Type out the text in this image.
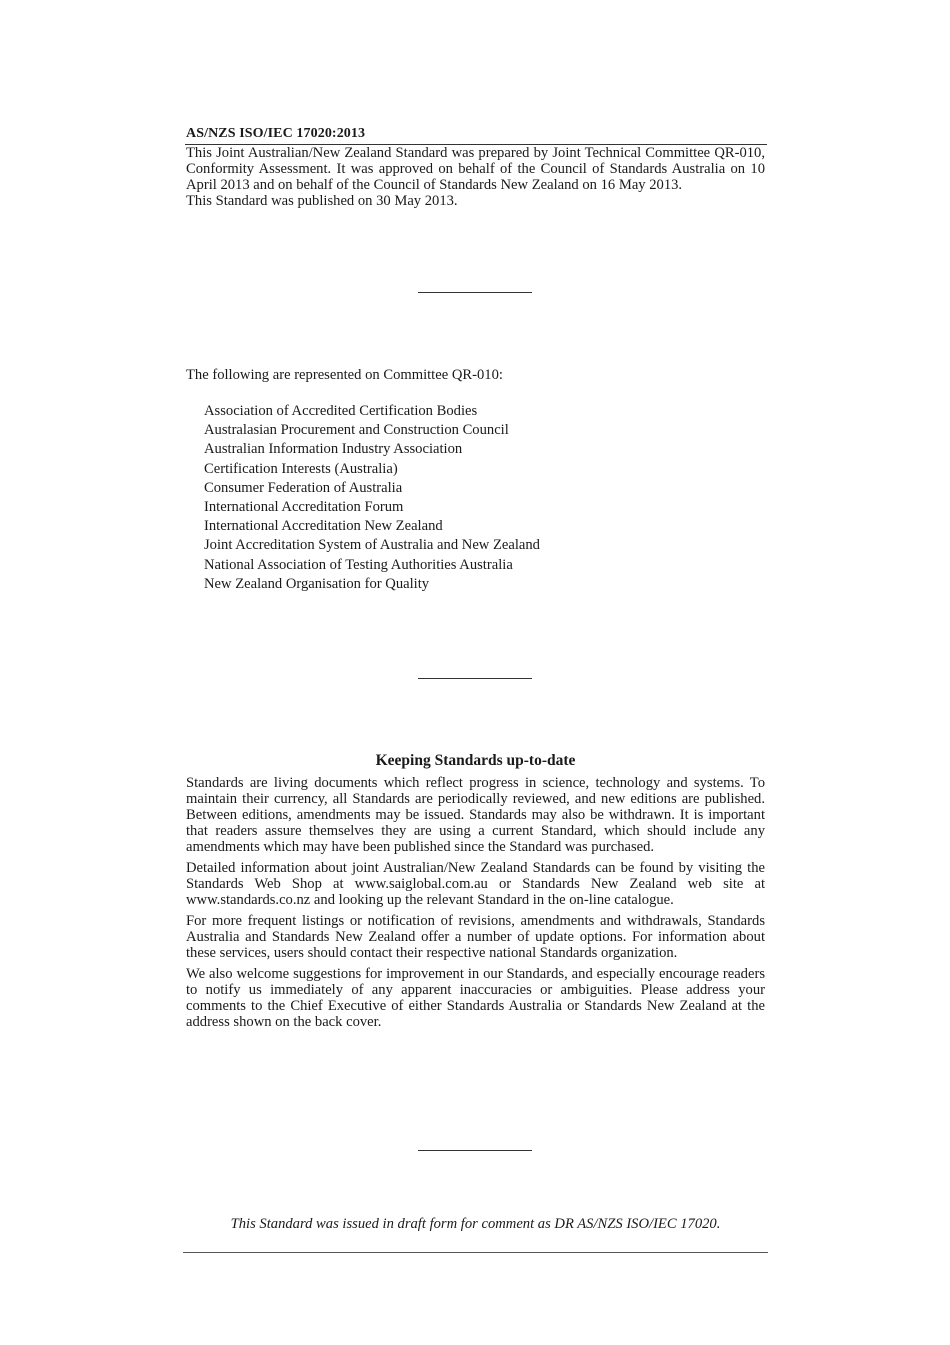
AS/NZS ISO/IEC 17020:2013

This Joint Australian/New Zealand Standard was prepared by Joint Technical Committee QR-010, Conformity Assessment. It was approved on behalf of the Council of Standards Australia on 10 April 2013 and on behalf of the Council of Standards New Zealand on 16 May 2013.

This Standard was published on 30 May 2013.

The following are represented on Committee QR-010:
Association of Accredited Certification Bodies
Australasian Procurement and Construction Council
Australian Information Industry Association
Certification Interests (Australia)
Consumer Federation of Australia
International Accreditation Forum
International Accreditation New Zealand
Joint Accreditation System of Australia and New Zealand
National Association of Testing Authorities Australia
New Zealand Organisation for Quality
Keeping Standards up-to-date

Standards are living documents which reflect progress in science, technology and systems. To maintain their currency, all Standards are periodically reviewed, and new editions are published. Between editions, amendments may be issued. Standards may also be withdrawn. It is important that readers assure themselves they are using a current Standard, which should include any amendments which may have been published since the Standard was purchased.

Detailed information about joint Australian/New Zealand Standards can be found by visiting the Standards Web Shop at www.saiglobal.com.au or Standards New Zealand web site at www.standards.co.nz and looking up the relevant Standard in the on-line catalogue.

For more frequent listings or notification of revisions, amendments and withdrawals, Standards Australia and Standards New Zealand offer a number of update options. For information about these services, users should contact their respective national Standards organization.

We also welcome suggestions for improvement in our Standards, and especially encourage readers to notify us immediately of any apparent inaccuracies or ambiguities. Please address your comments to the Chief Executive of either Standards Australia or Standards New Zealand at the address shown on the back cover.

This Standard was issued in draft form for comment as DR AS/NZS ISO/IEC 17020.
